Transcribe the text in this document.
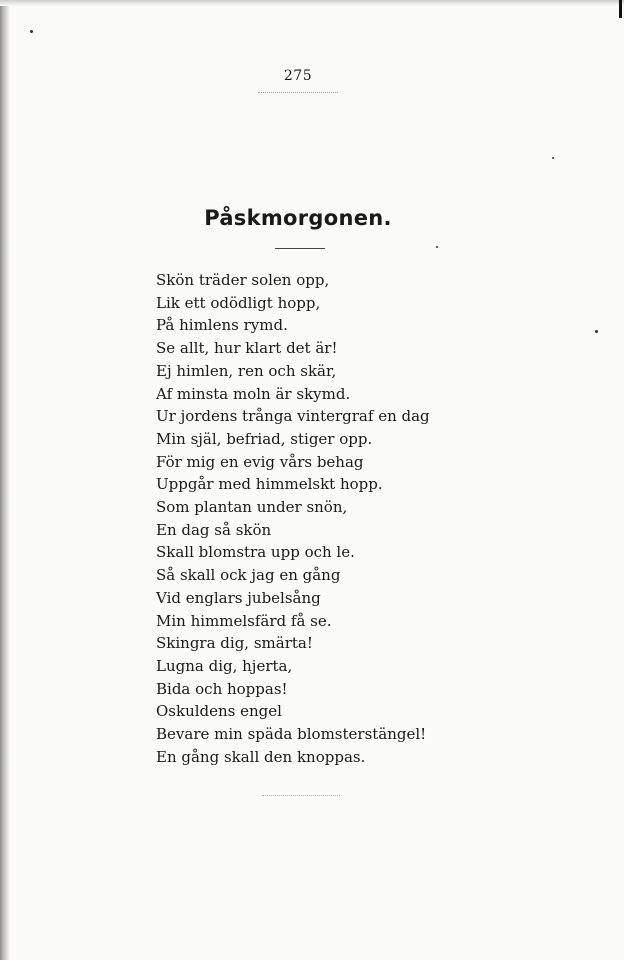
275
Påskmorgonen.
Skön träder solen opp,
Lik ett odödligt hopp,
På himlens rymd.
Se allt, hur klart det är!
Ej himlen, ren och skär,
Af minsta moln är skymd.
Ur jordens trånga vintergraf en dag
Min själ, befriad, stiger opp.
För mig en evig vårs behag
Uppgår med himmelskt hopp.
Som plantan under snön,
En dag så skön
Skall blomstra upp och le.
Så skall ock jag en gång
Vid englars jubelsång
Min himmelsfärd få se.
Skingra dig, smärta!
Lugna dig, hjerta,
Bida och hoppas!
Oskuldens engel
Bevare min späda blomsterstängel!
En gång skall den knoppas.
